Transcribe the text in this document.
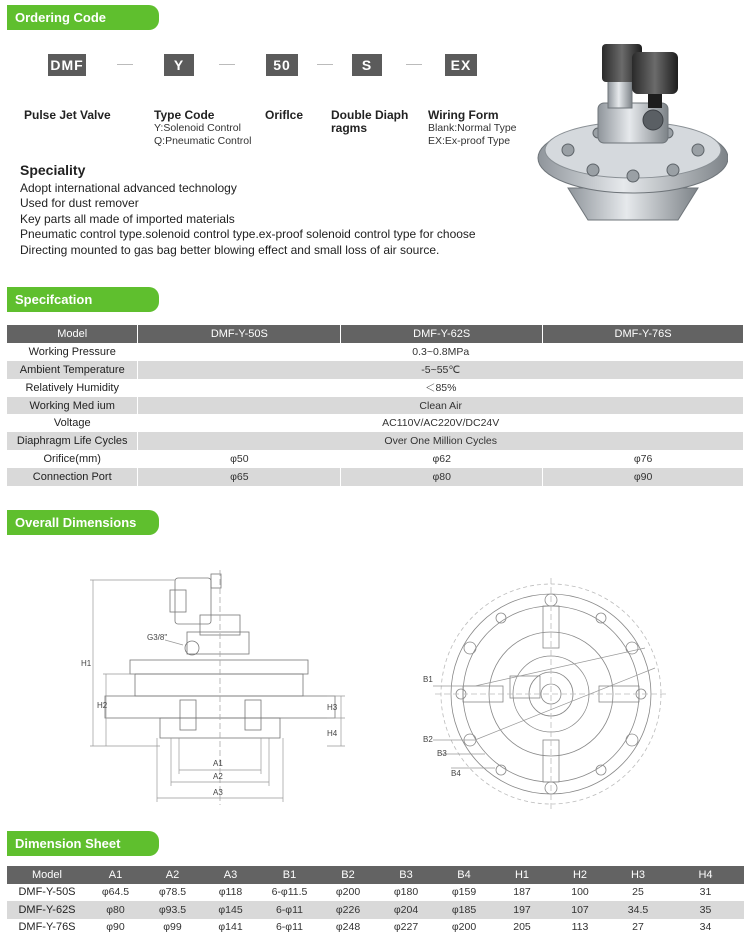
Ordering Code
Specifcation
Overall Dimensions
Dimension Sheet
DMF	Y	50	S	EX
Pulse Jet Valve	Type Code
Y:Solenoid Control
Q:Pneumatic Control
Oriflce Double Diaph
ragms
Wiring Form
Blank:Normal Type
EX:Ex-proof Type
Speciality
Adopt international advanced technology
Used for dust remover
Key parts all made of imported materials
Pneumatic control type.solenoid control type.ex-proof solenoid control type for choose
Directing mounted to gas bag better blowing effect and small loss of air source.
Model	DMF-Y-50S	DMF-Y-62S	DMF-Y-76S
Working Pressure	0.3~0.8MPa		
Ambient Temperature	-5~55℃		
Relatively Humidity	＜85%		
Working Med ium	Clean Air		
Voltage	AC110V/AC220V/DC24V		
Diaphragm Life Cycles	Over One Million Cycles		
Orifice(mm)	φ50	φ62	φ76
Connection Port	φ65	φ80	φ90
G3/8"
H1
H2	H3
H4
A1
A2
A3
B1
B2
B3
B4
Model	A1	A2	A3	B1	B2	B3	B4	H1	H2	H3	H4
DMF-Y-50S	φ64.5	φ78.5	φ118	6-φ11.5	φ200	φ180	φ159	187	100	25	31
DMF-Y-62S	φ80	φ93.5	φ145	6-φ11	φ226	φ204	φ185	197	107	34.5	35
DMF-Y-76S	φ90	φ99	φ141	6-φ11	φ248	φ227	φ200	205	113	27	34
